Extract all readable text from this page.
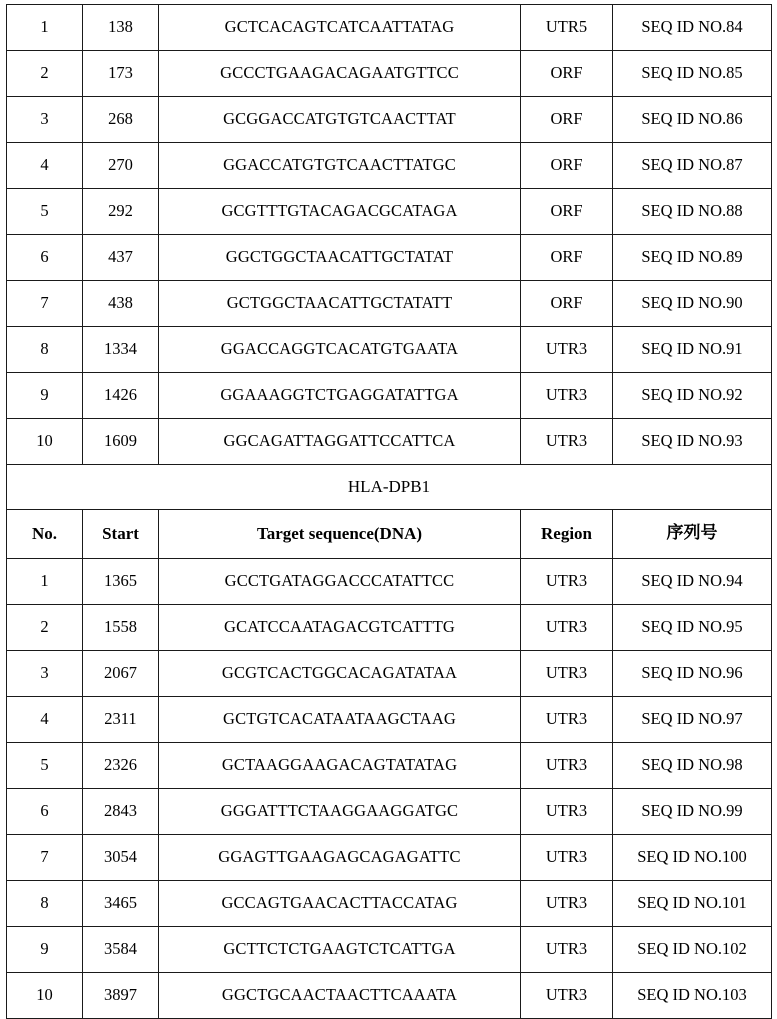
1	138	GCTCACAGTCATCAATTATAG	UTR5	SEQ ID NO.84
2	173	GCCCTGAAGACAGAATGTTCC	ORF	SEQ ID NO.85
3	268	GCGGACCATGTGTCAACTTAT	ORF	SEQ ID NO.86
4	270	GGACCATGTGTCAACTTATGC	ORF	SEQ ID NO.87
5	292	GCGTTTGTACAGACGCATAGA	ORF	SEQ ID NO.88
6	437	GGCTGGCTAACATTGCTATAT	ORF	SEQ ID NO.89
7	438	GCTGGCTAACATTGCTATATT	ORF	SEQ ID NO.90
8	1334	GGACCAGGTCACATGTGAATA	UTR3	SEQ ID NO.91
9	1426	GGAAAGGTCTGAGGATATTGA	UTR3	SEQ ID NO.92
10	1609	GGCAGATTAGGATTCCATTCA	UTR3	SEQ ID NO.93
HLA-DPB1				
No.	Start	Target sequence(DNA)	Region	序列号
1	1365	GCCTGATAGGACCCATATTCC	UTR3	SEQ ID NO.94
2	1558	GCATCCAATAGACGTCATTTG	UTR3	SEQ ID NO.95
3	2067	GCGTCACTGGCACAGATATAA	UTR3	SEQ ID NO.96
4	2311	GCTGTCACATAATAAGCTAAG	UTR3	SEQ ID NO.97
5	2326	GCTAAGGAAGACAGTATATAG	UTR3	SEQ ID NO.98
6	2843	GGGATTTCTAAGGAAGGATGC	UTR3	SEQ ID NO.99
7	3054	GGAGTTGAAGAGCAGAGATTC	UTR3	SEQ ID NO.100
8	3465	GCCAGTGAACACTTACCATAG	UTR3	SEQ ID NO.101
9	3584	GCTTCTCTGAAGTCTCATTGA	UTR3	SEQ ID NO.102
10	3897	GGCTGCAACTAACTTCAAATA	UTR3	SEQ ID NO.103
